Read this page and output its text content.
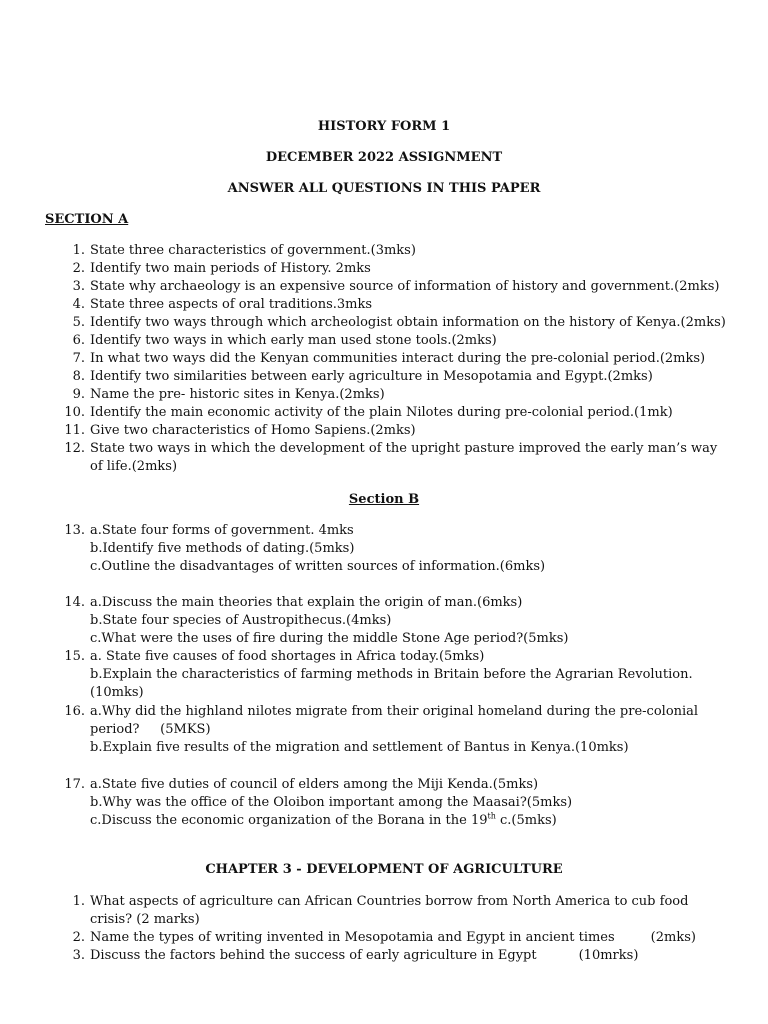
HISTORY FORM 1
DECEMBER 2022 ASSIGNMENT
ANSWER ALL QUESTIONS IN THIS PAPER
SECTION A
1. State three characteristics of government.(3mks)
2. Identify two main periods of History. 2mks
3. State why archaeology is an expensive source of information of history and government.(2mks)
4. State three aspects of oral traditions.3mks
5. Identify two ways through which archeologist obtain information on the history of Kenya.(2mks)
6. Identify two ways in which early man used stone tools.(2mks)
7. In what two ways did the Kenyan communities interact during the pre-colonial period.(2mks)
8. Identify two similarities between early agriculture in Mesopotamia and Egypt.(2mks)
9. Name the pre- historic sites in Kenya.(2mks)
10. Identify the main economic activity of the plain Nilotes during pre-colonial period.(1mk)
11. Give two characteristics of Homo Sapiens.(2mks)
12. State two ways in which the development of the upright pasture improved the early man’s way of life.(2mks)
Section B
13. a.State four forms of government. 4mks
b.Identify five methods of dating.(5mks)
c.Outline the disadvantages of written sources of information.(6mks)
14. a.Discuss the main theories that explain the origin of man.(6mks)
b.State four species of Austropithecus.(4mks)
c.What were the uses of fire during the middle Stone Age period?(5mks)
15. a. State five causes of food shortages in Africa today.(5mks)
b.Explain the characteristics of farming methods in Britain before the Agrarian Revolution.(10mks)
16. a.Why did the highland nilotes migrate from their original homeland during the pre-colonial
period?     (5MKS)
b.Explain five results of the migration and settlement of Bantus in Kenya.(10mks)
17. a.State five duties of council of elders among the Miji Kenda.(5mks)
b.Why was the office of the Oloibon important among the Maasai?(5mks)
c.Discuss the economic organization of the Borana in the 19th c.(5mks)
CHAPTER 3 - DEVELOPMENT OF AGRICULTURE
1. What aspects of agriculture can African Countries borrow from North America to cub food crisis? (2 marks)
2. Name the types of writing invented in Mesopotamia and Egypt in ancient times	(2mks)
3. Discuss the factors behind the success of early agriculture in Egypt	(10mrks)
